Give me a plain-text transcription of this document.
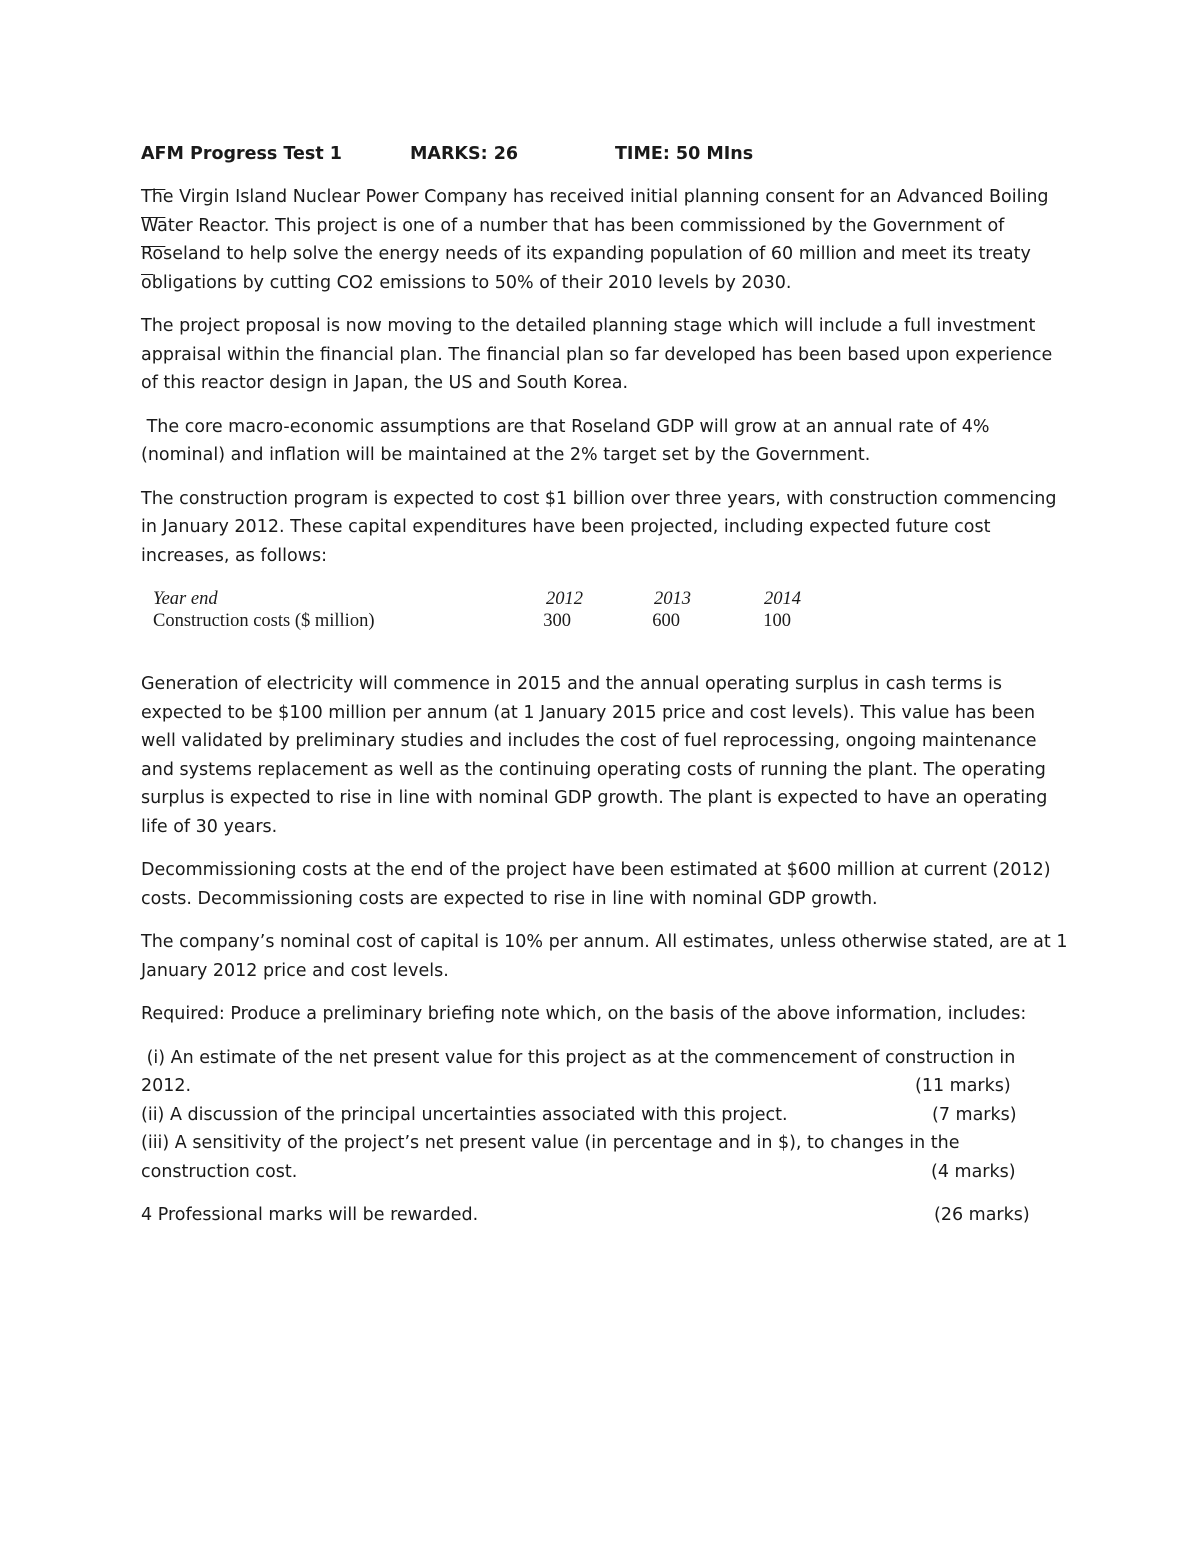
AFM Progress Test 1

	MARKS: 26

	TIME: 50 MIns

The Virgin Island Nuclear Power Company has received initial planning consent for an Advanced Boiling Water Reactor. This project is one of a number that has been commissioned by the Government of Roseland to help solve the energy needs of its expanding population of 60 million and meet its treaty obligations by cutting CO2 emissions to 50% of their 2010 levels by 2030.

The project proposal is now moving to the detailed planning stage which will include a full investment appraisal within the financial plan. The financial plan so far developed has been based upon experience of this reactor design in Japan, the US and South Korea.

The core macro-economic assumptions are that Roseland GDP will grow at an annual rate of 4% (nominal) and inflation will be maintained at the 2% target set by the Government.

The construction program is expected to cost $1 billion over three years, with construction commencing in January 2012. These capital expenditures have been projected, including expected future cost increases, as follows:

Year end	2012	2013	2014
Construction costs ($ million)	300	600	100

Generation of electricity will commence in 2015 and the annual operating surplus in cash terms is expected to be $100 million per annum (at 1 January 2015 price and cost levels). This value has been well validated by preliminary studies and includes the cost of fuel reprocessing, ongoing maintenance and systems replacement as well as the continuing operating costs of running the plant. The operating surplus is expected to rise in line with nominal GDP growth. The plant is expected to have an operating life of 30 years.

Decommissioning costs at the end of the project have been estimated at $600 million at current (2012) costs. Decommissioning costs are expected to rise in line with nominal GDP growth.

The company’s nominal cost of capital is 10% per annum. All estimates, unless otherwise stated, are at 1 January 2012 price and cost levels.

Required: Produce a preliminary briefing note which, on the basis of the above information, includes:

(i) An estimate of the net present value for this project as at the commencement of construction in
2012.	(11 marks)
(ii) A discussion of the principal uncertainties associated with this project.	(7 marks)
(iii) A sensitivity of the project’s net present value (in percentage and in $), to changes in the
construction cost.	(4 marks)
4 Professional marks will be rewarded.	(26 marks)
